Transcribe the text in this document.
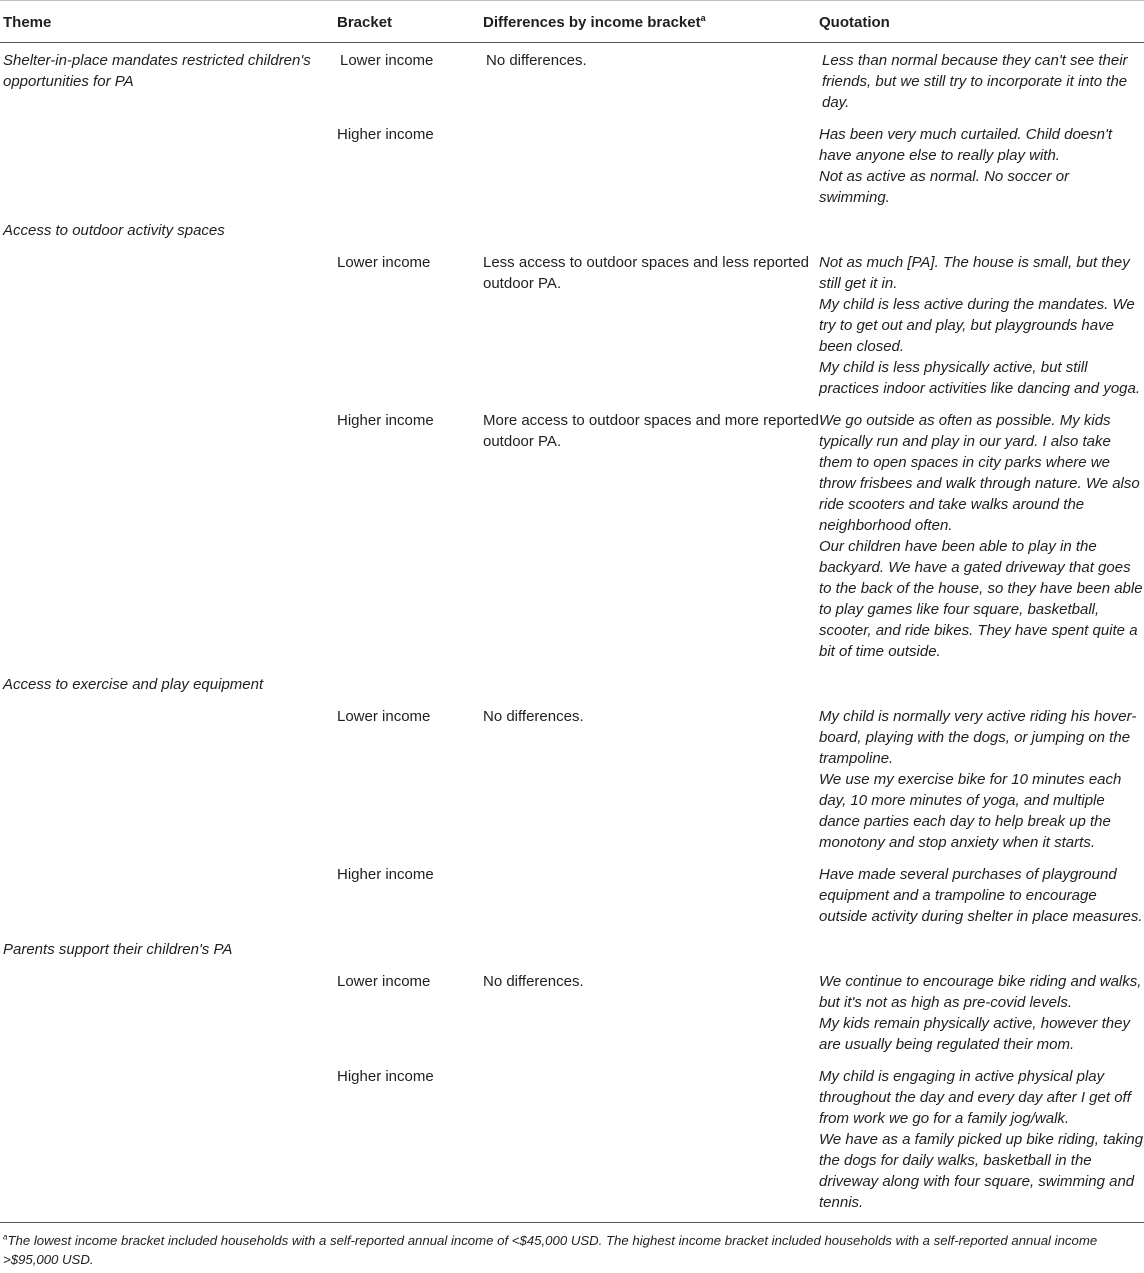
Theme	Bracket	Differences by income bracket$^a$	Quotation
Shelter-in-place mandates restricted children's opportunities for PA	Lower income	No differences.	Less than normal because they can't see their friends, but we still try to incorporate it into the day.

	Higher income		Has been very much curtailed. Child doesn't have anyone else to really play with.

Not as active as normal. No soccer or swimming.

Access to outdoor activity spaces			
	Lower income	Less access to outdoor spaces and less reported outdoor PA.	Not as much [PA]. The house is small, but they still get it in.

My child is less active during the mandates. We try to get out and play, but playgrounds have been closed.

My child is less physically active, but still practices indoor activities like dancing and yoga.

	Higher income	More access to outdoor spaces and more reported outdoor PA.	We go outside as often as possible. My kids typically run and play in our yard. I also take them to open spaces in city parks where we throw frisbees and walk through nature. We also ride scooters and take walks around the neighborhood often.

Our children have been able to play in the backyard. We have a gated driveway that goes to the back of the house, so they have been able to play games like four square, basketball, scooter, and ride bikes. They have spent quite a bit of time outside.

Access to exercise and play equipment			
	Lower income	No differences.	My child is normally very active riding his hover-board, playing with the dogs, or jumping on the trampoline.

We use my exercise bike for 10 minutes each day, 10 more minutes of yoga, and multiple dance parties each day to help break up the monotony and stop anxiety when it starts.

	Higher income		Have made several purchases of playground equipment and a trampoline to encourage outside activity during shelter in place measures.

Parents support their children's PA			
	Lower income	No differences.	We continue to encourage bike riding and walks, but it's not as high as pre-covid levels.

My kids remain physically active, however they are usually being regulated their mom.

	Higher income		My child is engaging in active physical play throughout the day and every day after I get off from work we go for a family jog/walk.

We have as a family picked up bike riding, taking the dogs for daily walks, basketball in the driveway along with four square, swimming and tennis.

$^a$The lowest income bracket included households with a self-reported annual income of <$45,000 USD. The highest income bracket included households with a self-reported annual income >$95,000 USD.
